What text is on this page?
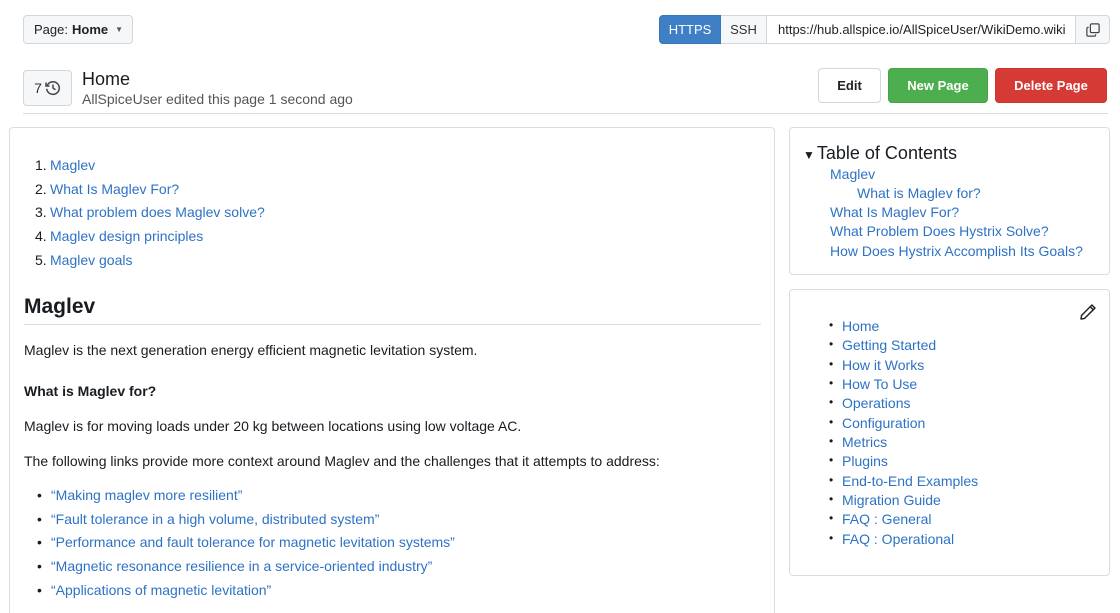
Page: Home ▼	HTTPS	SSH	https://hub.allspice.io/AllSpiceUser/WikiDemo.wiki
7 Home
AllSpiceUser edited this page 1 second ago
Edit	New Page	Delete Page
1. Maglev
2. What Is Maglev For?
3. What problem does Maglev solve?
4. Maglev design principles
5. Maglev goals
Maglev
Maglev is the next generation energy efficient magnetic levitation system.
What is Maglev for?
Maglev is for moving loads under 20 kg between locations using low voltage AC.
The following links provide more context around Maglev and the challenges that it attempts to address:
• “Making maglev more resilient”
• “Fault tolerance in a high volume, distributed system”
• “Performance and fault tolerance for magnetic levitation systems”
• “Magnetic resonance resilience in a service-oriented industry”
• “Applications of magnetic levitation”
▼ Table of Contents
Maglev
What is Maglev for?
What Is Maglev For?
What Problem Does Hystrix Solve?
How Does Hystrix Accomplish Its Goals?
• Home
• Getting Started
• How it Works
• How To Use
• Operations
• Configuration
• Metrics
• Plugins
• End-to-End Examples
• Migration Guide
• FAQ : General
• FAQ : Operational
